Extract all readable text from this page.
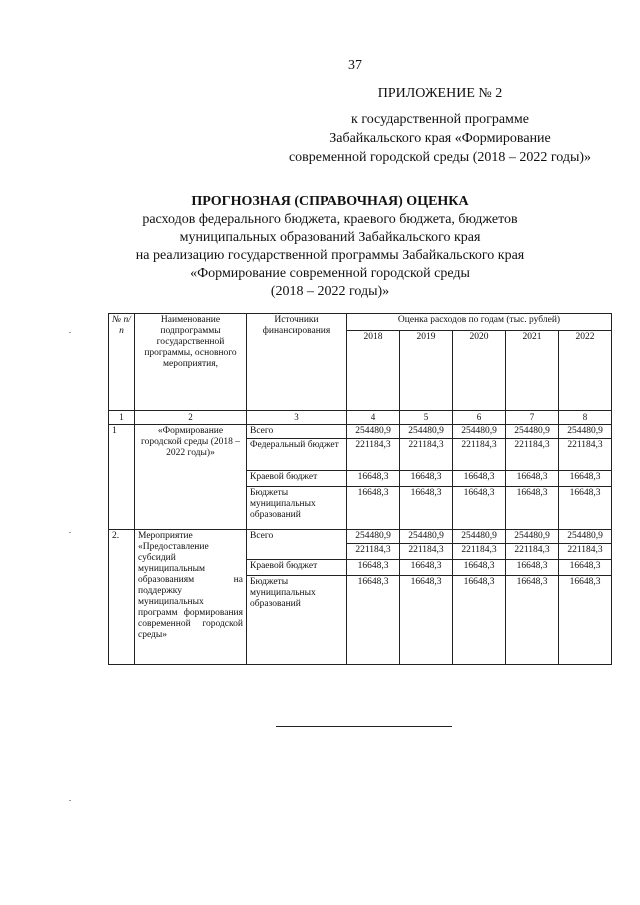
37
ПРИЛОЖЕНИЕ № 2
к государственной программе
Забайкальского края «Формирование
современной городской среды (2018 – 2022 годы)»
ПРОГНОЗНАЯ (СПРАВОЧНАЯ) ОЦЕНКА
расходов федерального бюджета, краевого бюджета, бюджетов
муниципальных образований Забайкальского края
на реализацию государственной программы Забайкальского края
«Формирование современной городской среды
(2018 – 2022 годы)»
№ п/п	Наименование подпрограммы государственной программы, основного мероприятия,	Источники финансирования	Оценка расходов по годам (тыс. рублей)				
			2018	2019	2020	2021	2022
1	2	3	4	5	6	7	8
1	«Формирование городской среды (2018 – 2022 годы)»	Всего	254480,9	254480,9	254480,9	254480,9	254480,9
		Федеральный бюджет	221184,3	221184,3	221184,3	221184,3	221184,3
		Краевой бюджет	16648,3	16648,3	16648,3	16648,3	16648,3
		Бюджеты муниципальных образований	16648,3	16648,3	16648,3	16648,3	16648,3
2.	Мероприятие «Предоставление субсидий муниципальным образованиям на поддержку муниципальных программ формирования современной городской среды»	Всего	254480,9	254480,9	254480,9	254480,9	254480,9
			221184,3	221184,3	221184,3	221184,3	221184,3
		Краевой бюджет	16648,3	16648,3	16648,3	16648,3	16648,3
		Бюджеты муниципальных образований	16648,3	16648,3	16648,3	16648,3	16648,3
